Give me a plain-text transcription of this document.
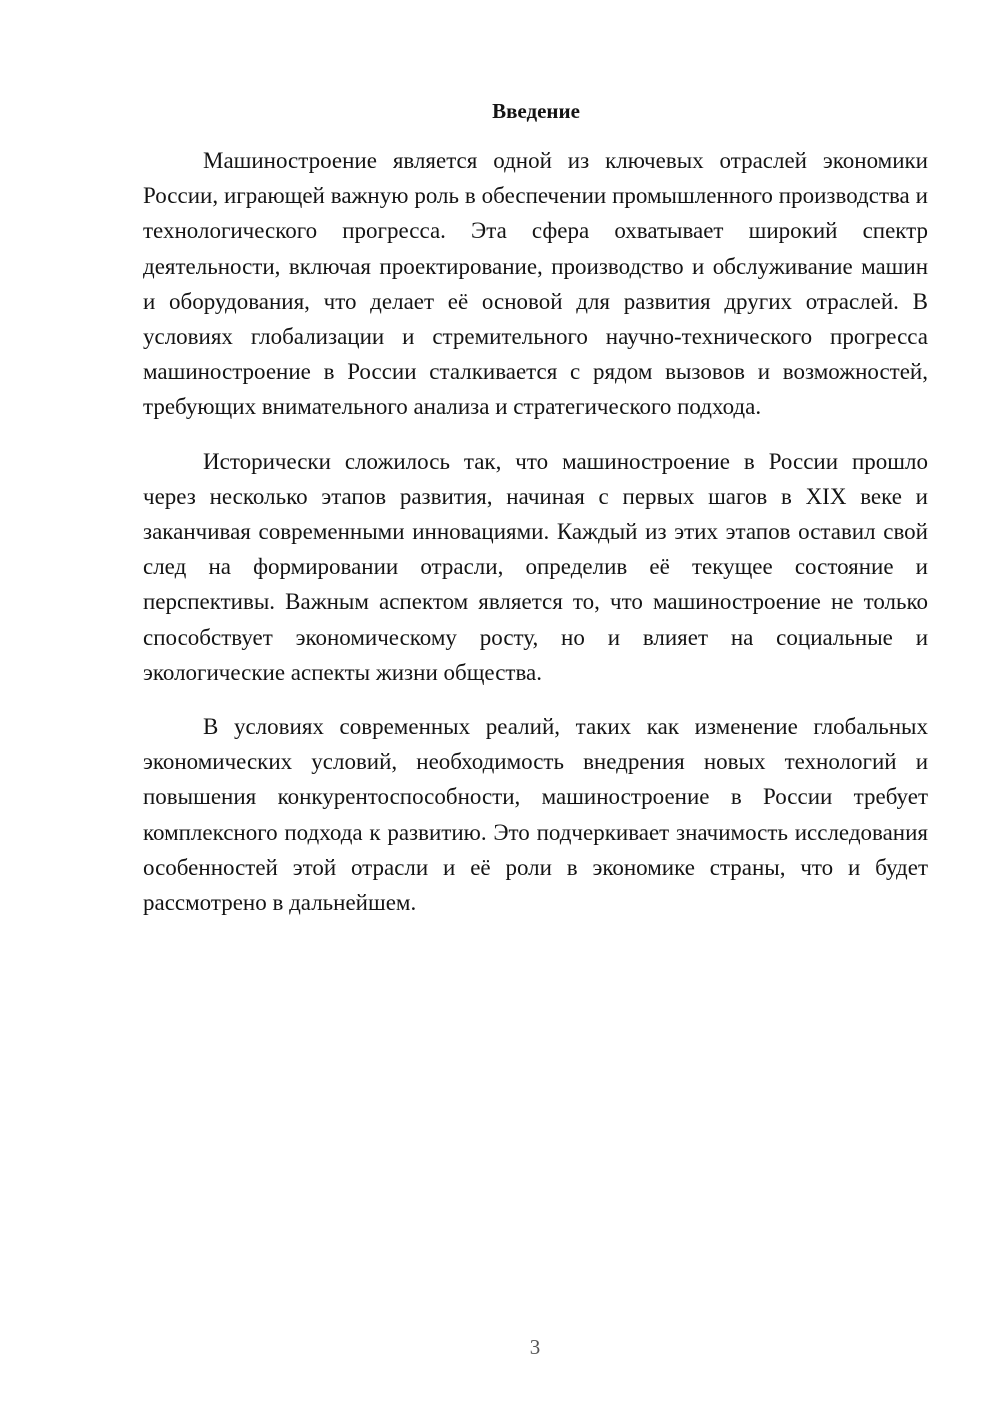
Введение

Машиностроение является одной из ключевых отраслей экономики России, играющей важную роль в обеспечении промышленного производства и технологического прогресса. Эта сфера охватывает широкий спектр деятельности, включая проектирование, производство и обслуживание машин и оборудования, что делает её основой для развития других отраслей. В условиях глобализации и стремительного научно-технического прогресса машиностроение в России сталкивается с рядом вызовов и возможностей, требующих внимательного анализа и стратегического подхода.

Исторически сложилось так, что машиностроение в России прошло через несколько этапов развития, начиная с первых шагов в XIX веке и заканчивая современными инновациями. Каждый из этих этапов оставил свой след на формировании отрасли, определив её текущее состояние и перспективы. Важным аспектом является то, что машиностроение не только способствует экономическому росту, но и влияет на социальные и экологические аспекты жизни общества.

В условиях современных реалий, таких как изменение глобальных экономических условий, необходимость внедрения новых технологий и повышения конкурентоспособности, машиностроение в России требует комплексного подхода к развитию. Это подчеркивает значимость исследования особенностей этой отрасли и её роли в экономике страны, что и будет рассмотрено в дальнейшем.

3
